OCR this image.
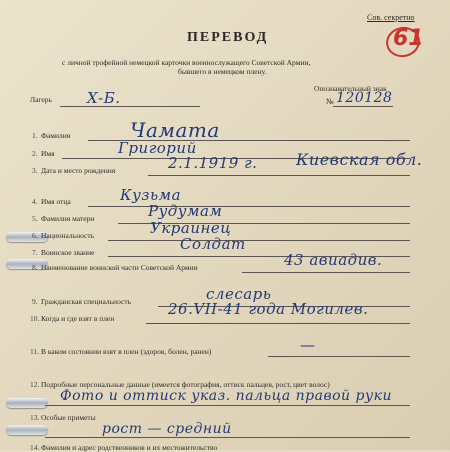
Сов. секретно
61
ПЕРЕВОД
с личной трофейной немецкой карточки военнослужащего Советской Армии,
бывшего в немецком плену.
Опознавательный знак
№ 120128
Лагерь Х-Б.
1. Фамилия	Чамата
2. Имя	Григорий
3. Дата и место рождения	2.1.1919 г. Киевская обл.
4. Имя отца	Кузьма
5. Фамилия матери	Рудумам
6. Национальность	Украинец
7. Воинское звание	Солдат
8. Наименование воинской части Советской Армии	43 авиадив.
9. Гражданская специальность	слесарь
10. Когда и где взят в плен
26.VII-41 года Могилев.
11. В каком состоянии взят в плен (здоров, болен, ранен)	—
12. Подробные персональные данные (имеется фотография, оттиск пальцев, рост, цвет волос)
Фото и оттиск указ. пальца правой руки
13. Особые приметы
рост — средний
14. Фамилия и адрес родственников и их местожительство
